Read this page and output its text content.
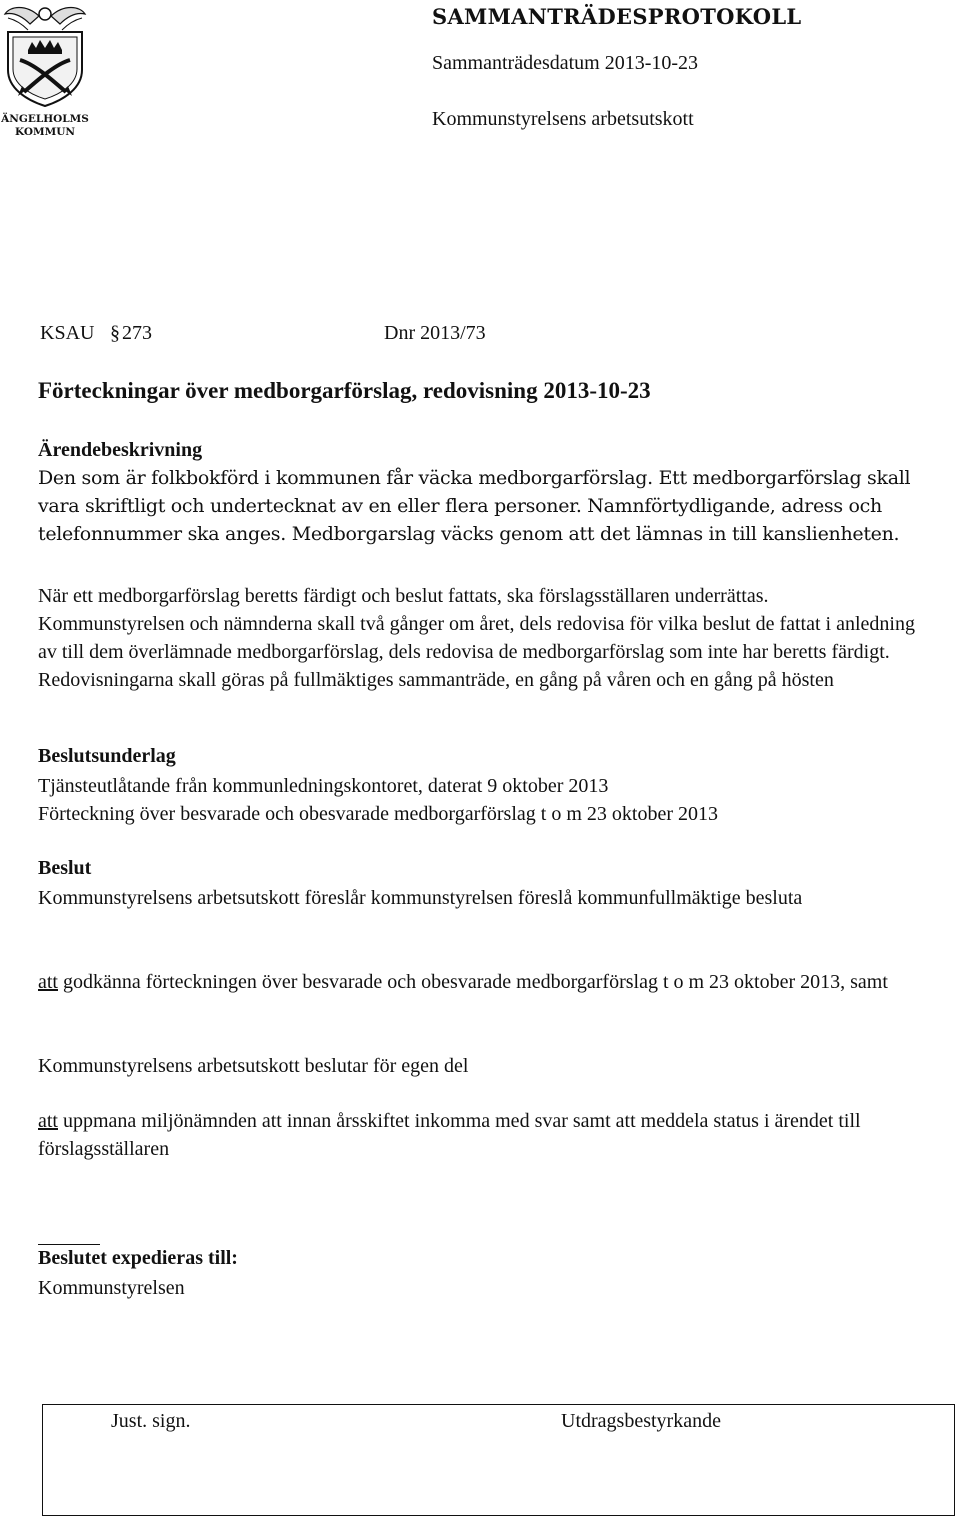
ÄNGELHOLMS
KOMMUN
SAMMANTRÄDESPROTOKOLL
Sammanträdesdatum 2013-10-23
Kommunstyrelsens arbetsutskott
KSAU § 273	Dnr 2013/73
Förteckningar över medborgarförslag, redovisning 2013-10-23
Ärendebeskrivning
Den som är folkbokförd i kommunen får väcka medborgarförslag. Ett medborgarförslag skall vara skriftligt och undertecknat av en eller flera personer. Namnförtydligande, adress och telefonnummer ska anges. Medborgarslag väcks genom att det lämnas in till kanslienheten.
När ett medborgarförslag beretts färdigt och beslut fattats, ska förslagsställaren underrättas. Kommunstyrelsen och nämnderna skall två gånger om året, dels redovisa för vilka beslut de fattat i anledning av till dem överlämnade medborgarförslag, dels redovisa de medborgarförslag som inte har beretts färdigt. Redovisningarna skall göras på fullmäktiges sammanträde, en gång på våren och en gång på hösten
Beslutsunderlag
Tjänsteutlåtande från kommunledningskontoret, daterat 9 oktober 2013
Förteckning över besvarade och obesvarade medborgarförslag t o m 23 oktober 2013
Beslut
Kommunstyrelsens arbetsutskott föreslår kommunstyrelsen föreslå kommunfullmäktige besluta
att godkänna förteckningen över besvarade och obesvarade medborgarförslag t o m 23 oktober 2013, samt
Kommunstyrelsens arbetsutskott beslutar för egen del
att uppmana miljönämnden att innan årsskiftet inkomma med svar samt att meddela status i ärendet till förslagsställaren
Beslutet expedieras till:
Kommunstyrelsen
Just. sign.	Utdragsbestyrkande
